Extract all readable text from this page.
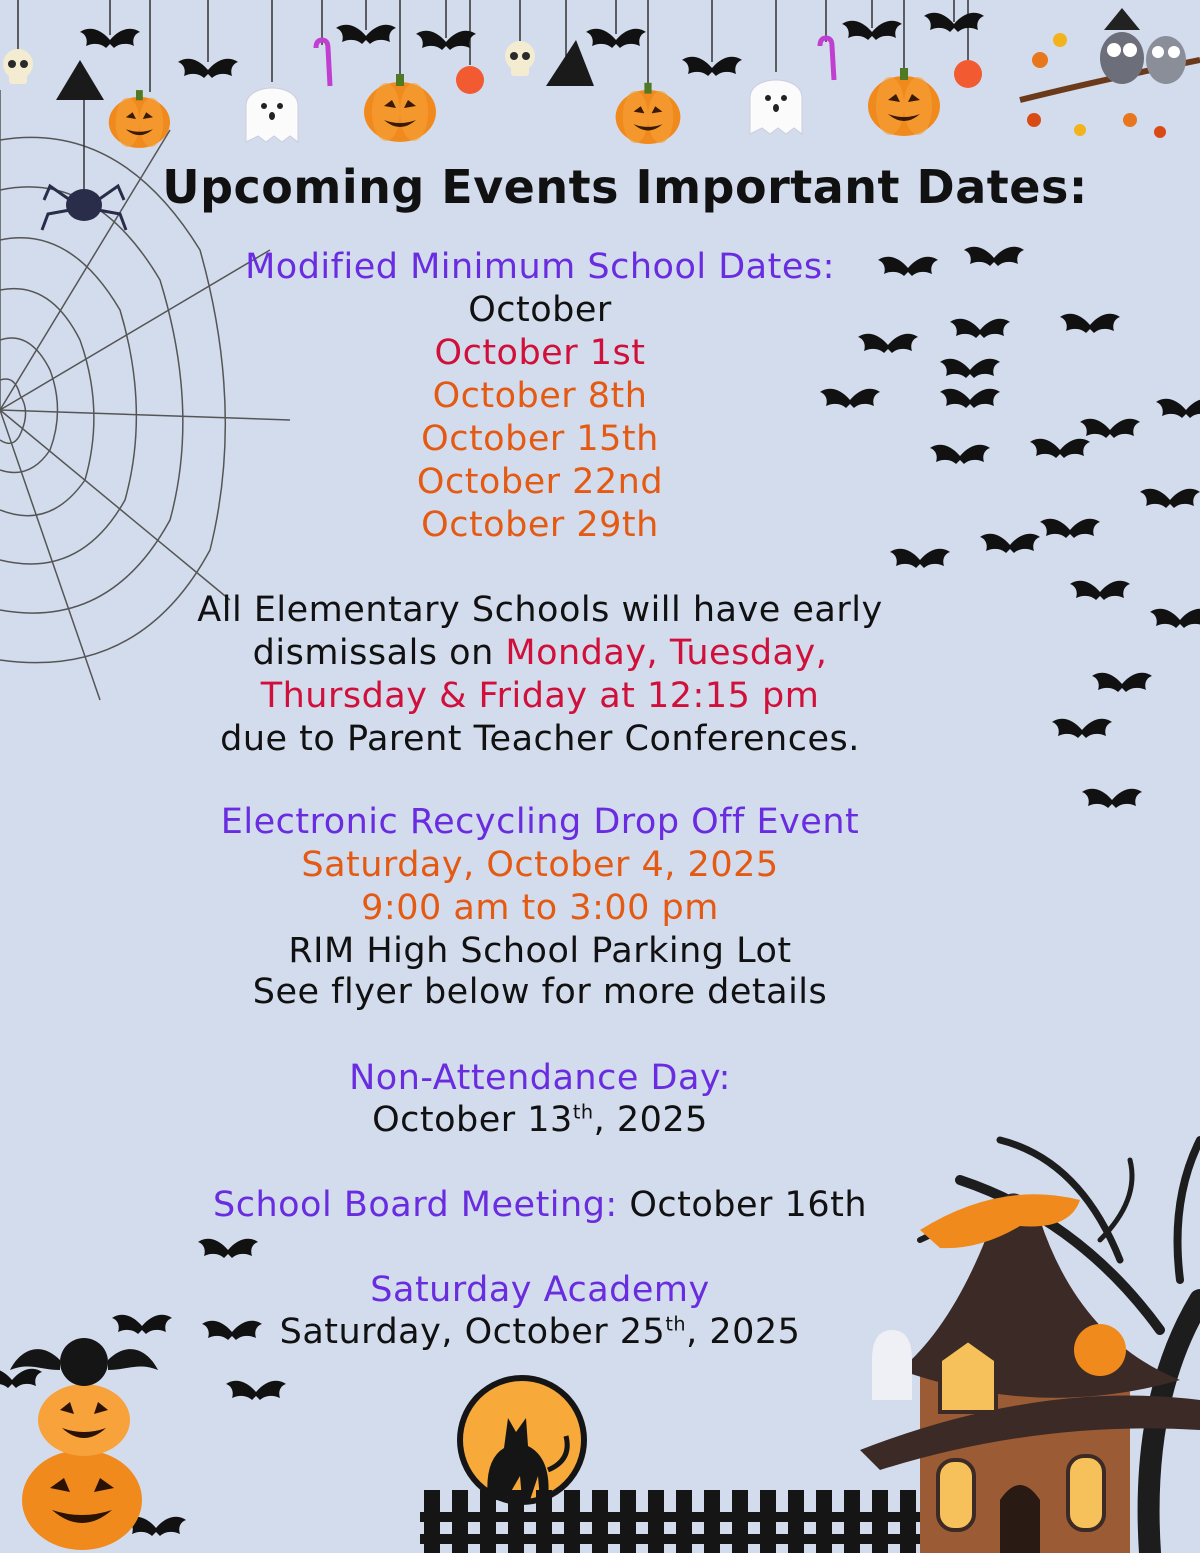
Upcoming Events Important Dates:
Modified Minimum School Dates:
October
October 1st
October 8th
October 15th
October 22nd
October 29th
All Elementary Schools will have early
dismissals on Monday, Tuesday,
Thursday & Friday at 12:15 pm
due to Parent Teacher Conferences.
Electronic Recycling Drop Off Event
Saturday, October 4, 2025
9:00 am to 3:00 pm
RIM High School Parking Lot
See flyer below for more details
Non-Attendance Day:
October 13th, 2025
School Board Meeting: October 16th
Saturday Academy
Saturday, October 25th, 2025
